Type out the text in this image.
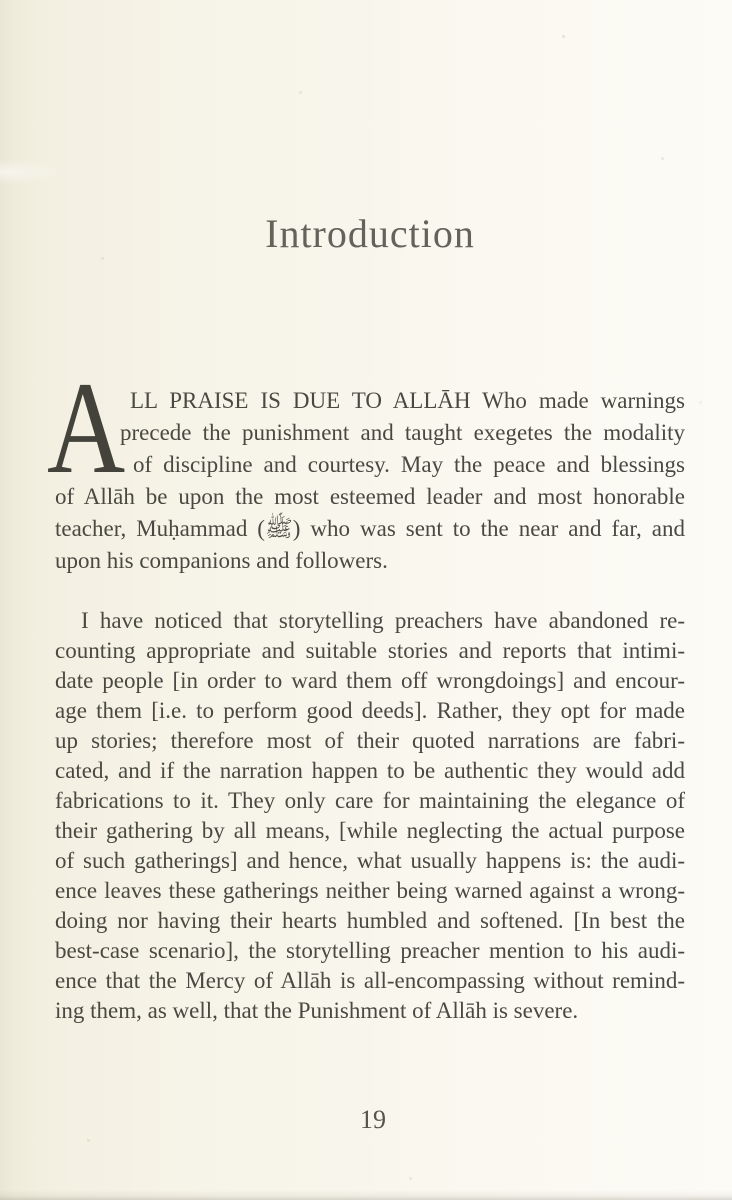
Introduction
A LL PRAISE IS DUE TO ALLĀH Who made warnings
precede the punishment and taught exegetes the modality
of discipline and courtesy. May the peace and blessings
of Allāh be upon the most esteemed leader and most honorable
teacher, Muḥammad (ﷺ) who was sent to the near and far, and
upon his companions and followers.
I have noticed that storytelling preachers have abandoned re-
counting appropriate and suitable stories and reports that intimi-
date people [in order to ward them off wrongdoings] and encour-
age them [i.e. to perform good deeds]. Rather, they opt for made
up stories; therefore most of their quoted narrations are fabri-
cated, and if the narration happen to be authentic they would add
fabrications to it. They only care for maintaining the elegance of
their gathering by all means, [while neglecting the actual purpose
of such gatherings] and hence, what usually happens is: the audi-
ence leaves these gatherings neither being warned against a wrong-
doing nor having their hearts humbled and softened. [In best the
best-case scenario], the storytelling preacher mention to his audi-
ence that the Mercy of Allāh is all-encompassing without remind-
ing them, as well, that the Punishment of Allāh is severe.
19
